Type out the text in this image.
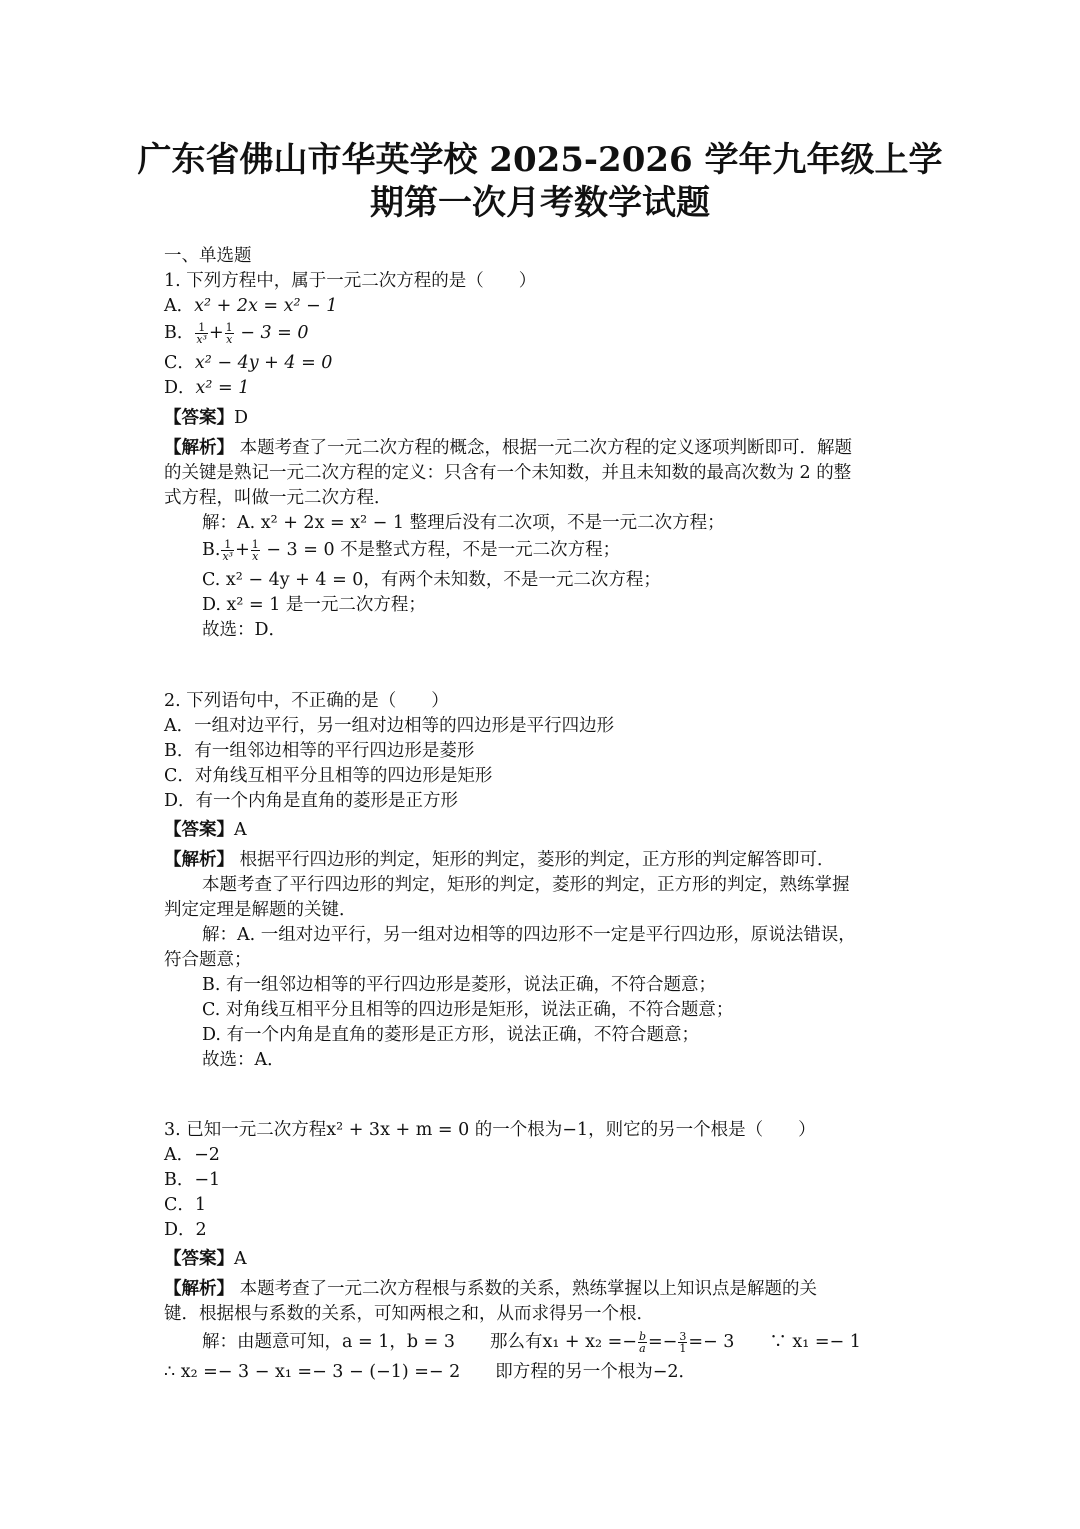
广东省佛山市华英学校 2025-2026 学年九年级上学
期第一次月考数学试题
一、单选题
1. 下列方程中，属于一元二次方程的是（　　）
A．x² + 2x = x² − 1
B． $\frac{1}{\text{x³}} + \frac{1}{x} - 3 = 0$
C．x² − 4y + 4 = 0
D．x² = 1
【答案】D
【解析】 本题考查了一元二次方程的概念，根据一元二次方程的定义逐项判断即可．解题
的关键是熟记一元二次方程的定义：只含有一个未知数，并且未知数的最高次数为 2 的整
式方程，叫做一元二次方程．
解：A. x² + 2x = x² − 1 整理后没有二次项，不是一元二次方程；
B. $\frac{1}{\text{x³}} + \frac{1}{x} - 3 = 0$ 不是整式方程，不是一元二次方程；
C. x² − 4y + 4 = 0，有两个未知数，不是一元二次方程；
D. x² = 1 是一元二次方程；
故选：D．
2. 下列语句中，不正确的是（　　）
A．一组对边平行，另一组对边相等的四边形是平行四边形
B．有一组邻边相等的平行四边形是菱形
C．对角线互相平分且相等的四边形是矩形
D．有一个内角是直角的菱形是正方形
【答案】A
【解析】 根据平行四边形的判定，矩形的判定，菱形的判定，正方形的判定解答即可．
本题考查了平行四边形的判定，矩形的判定，菱形的判定，正方形的判定，熟练掌握
判定定理是解题的关键．
解：A. 一组对边平行，另一组对边相等的四边形不一定是平行四边形，原说法错误，
符合题意；
B. 有一组邻边相等的平行四边形是菱形，说法正确，不符合题意；
C. 对角线互相平分且相等的四边形是矩形，说法正确，不符合题意；
D. 有一个内角是直角的菱形是正方形，说法正确，不符合题意；
故选：A．
3. 已知一元二次方程x² + 3x + m = 0 的一个根为−1，则它的另一个根是（　　）
A．−2
B．−1
C．1
D．2
【答案】A
【解析】 本题考查了一元二次方程根与系数的关系，熟练掌握以上知识点是解题的关
键．根据根与系数的关系，可知两根之和，从而求得另一个根．
解：由题意可知，a = 1，b = 3　　那么有$x_1 + x_2 =- \frac{b}{a} =- \frac{3}{1} =- 3$　　∵ x₁ =− 1
∴ x₂ =− 3 − x₁ =− 3 − (−1) =− 2　　即方程的另一个根为−2．
